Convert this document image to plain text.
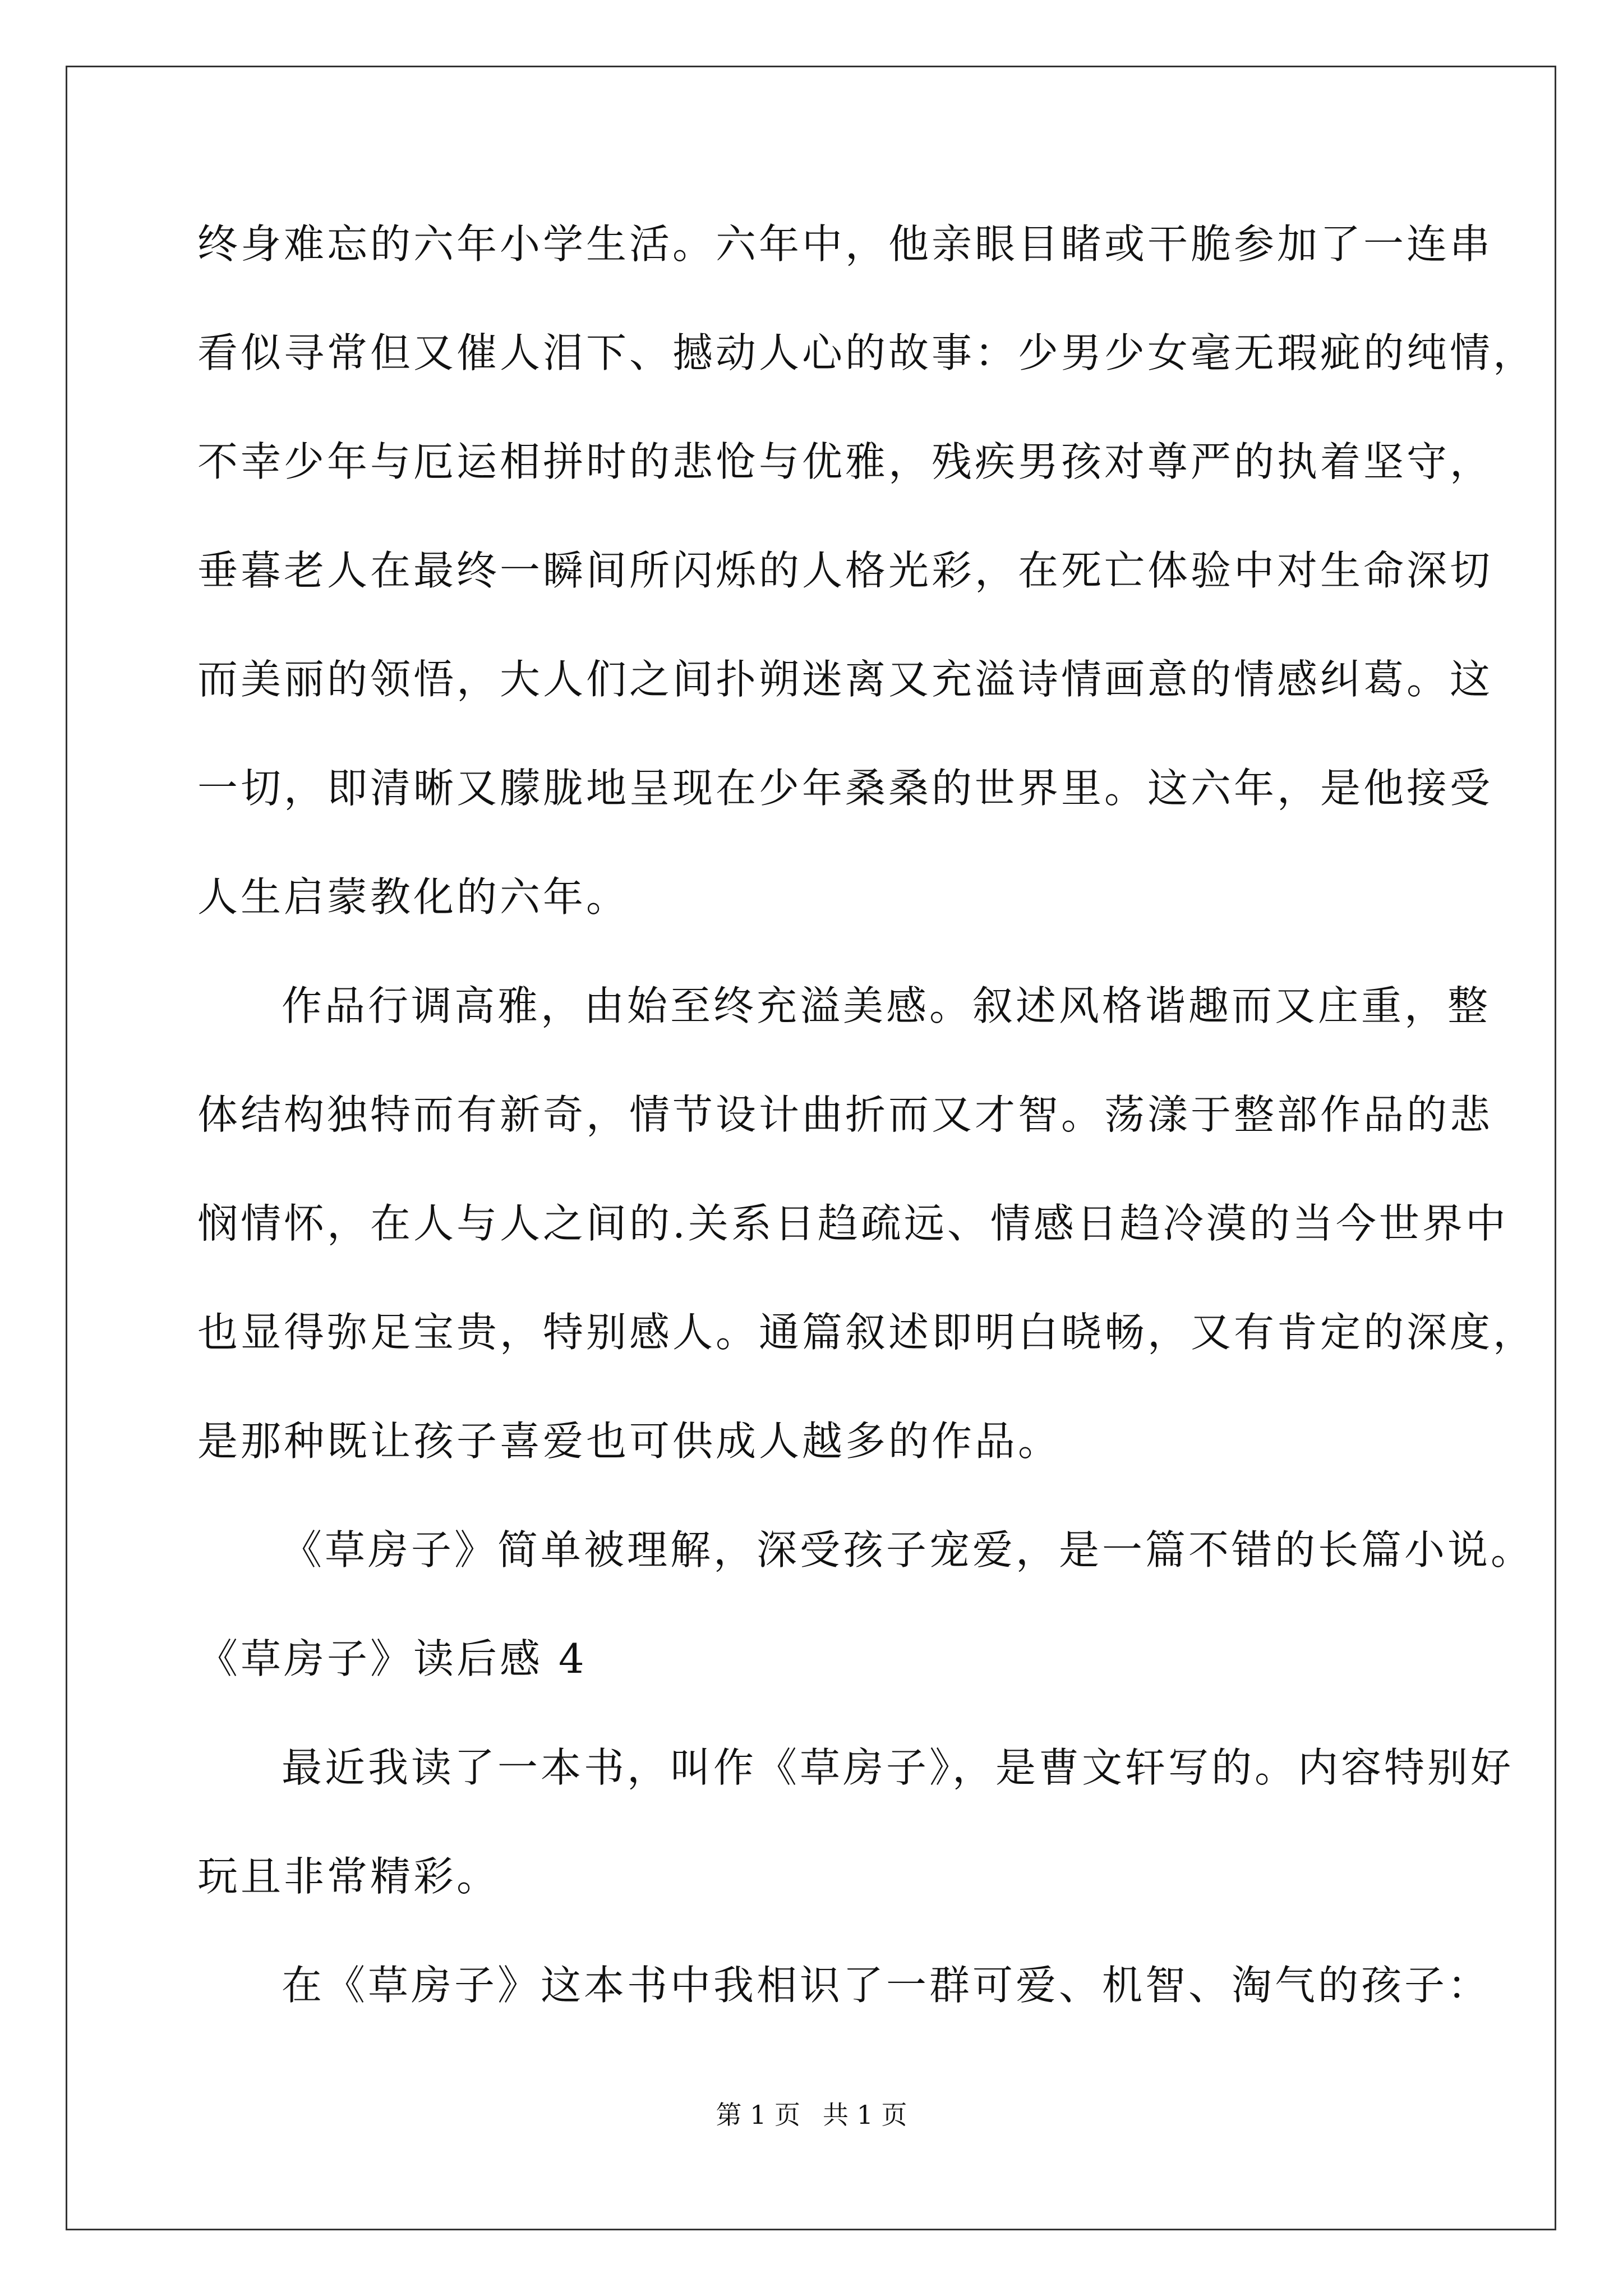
终身难忘的六年小学生活。六年中，他亲眼目睹或干脆参加了一连串
看似寻常但又催人泪下、撼动人心的故事：少男少女毫无瑕疵的纯情，
不幸少年与厄运相拼时的悲怆与优雅，残疾男孩对尊严的执着坚守，
垂暮老人在最终一瞬间所闪烁的人格光彩，在死亡体验中对生命深切
而美丽的领悟，大人们之间扑朔迷离又充溢诗情画意的情感纠葛。这
一切，即清晰又朦胧地呈现在少年桑桑的世界里。这六年，是他接受
人生启蒙教化的六年。
作品行调高雅，由始至终充溢美感。叙述风格谐趣而又庄重，整
体结构独特而有新奇，情节设计曲折而又才智。荡漾于整部作品的悲
悯情怀，在人与人之间的.关系日趋疏远、情感日趋冷漠的当今世界中
也显得弥足宝贵，特别感人。通篇叙述即明白晓畅，又有肯定的深度，
是那种既让孩子喜爱也可供成人越多的作品。
《草房子》简单被理解，深受孩子宠爱，是一篇不错的长篇小说。
《草房子》读后感 4
最近我读了一本书，叫作《草房子》，是曹文轩写的。内容特别好
玩且非常精彩。
在《草房子》这本书中我相识了一群可爱、机智、淘气的孩子：
第 1 页 共 1 页
